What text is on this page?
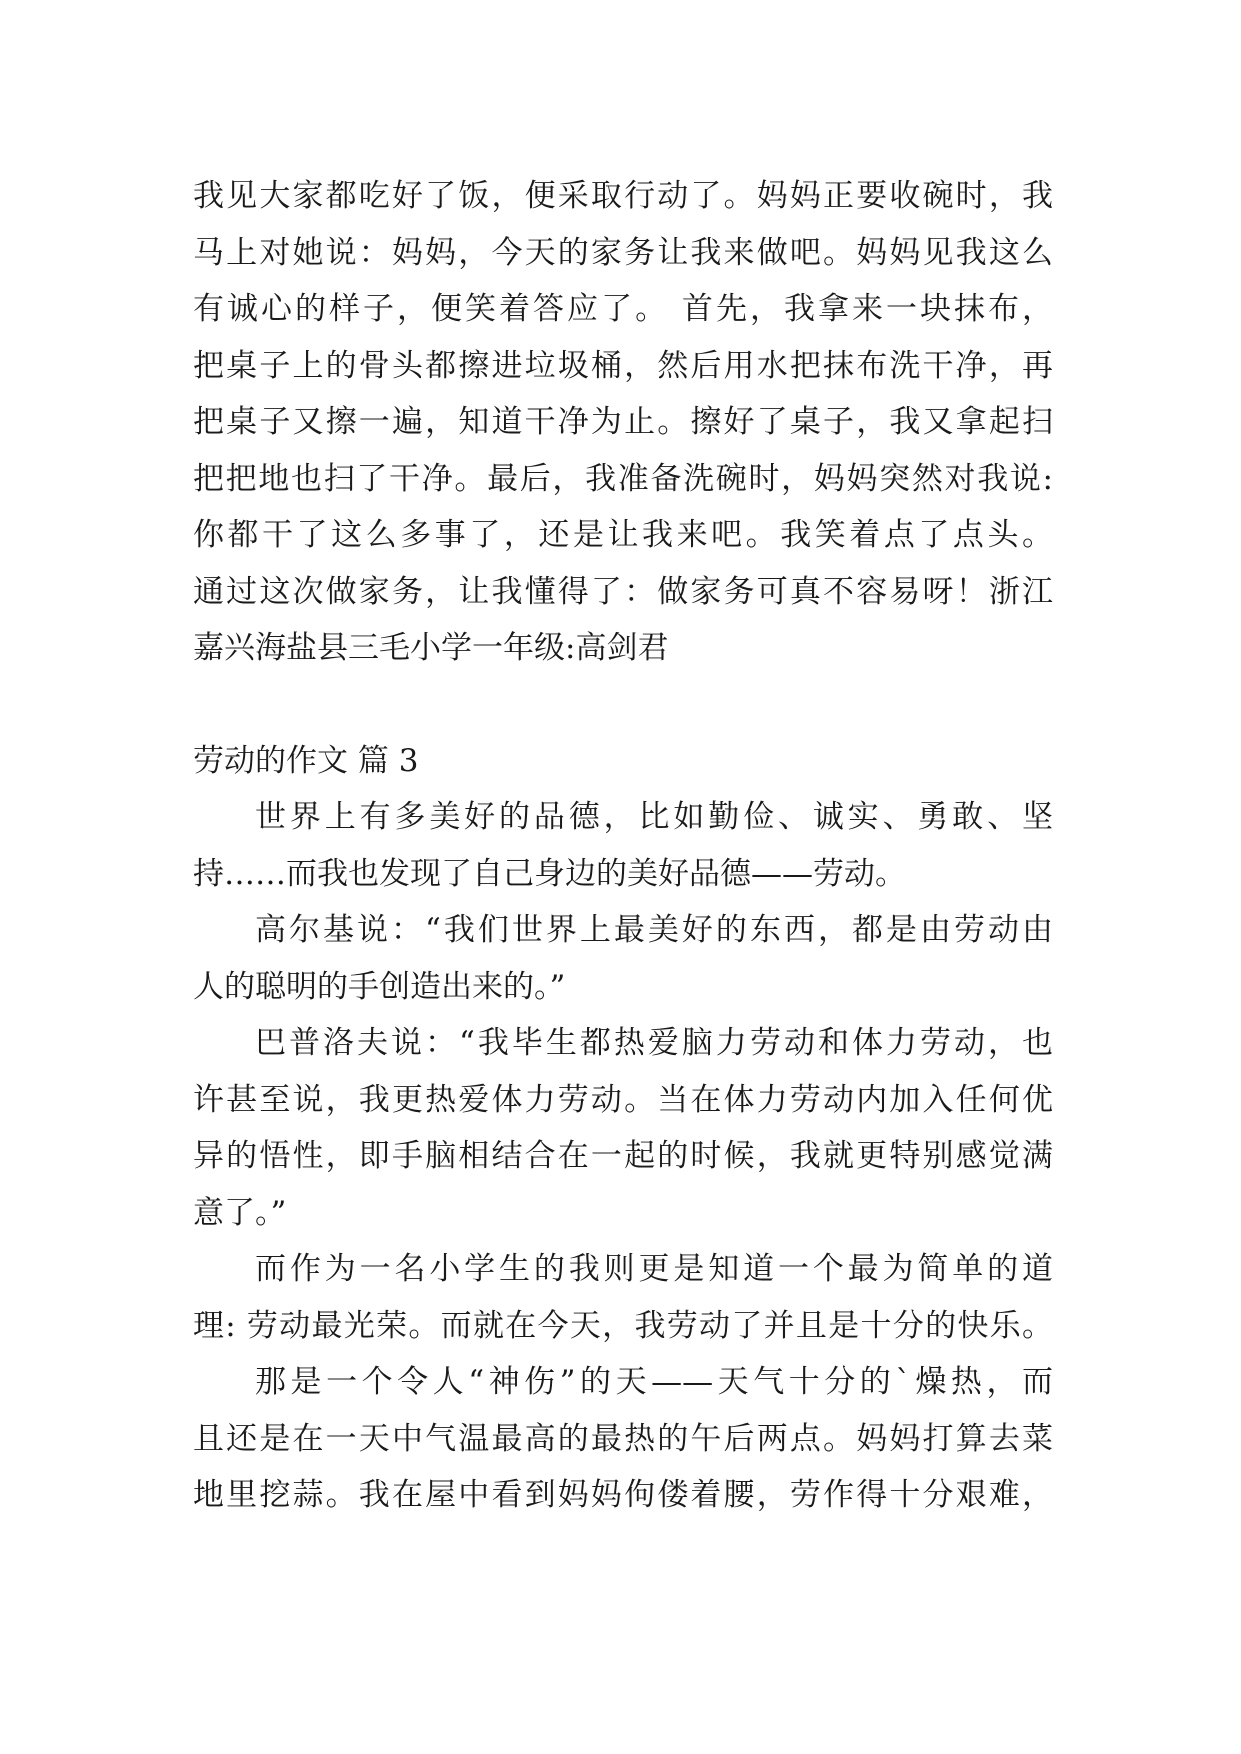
我见大家都吃好了饭，便采取行动了。妈妈正要收碗时，我
马上对她说：妈妈，今天的家务让我来做吧。妈妈见我这么
有诚心的样子，便笑着答应了。 首先，我拿来一块抹布，
把桌子上的骨头都擦进垃圾桶，然后用水把抹布洗干净，再
把桌子又擦一遍，知道干净为止。擦好了桌子，我又拿起扫
把把地也扫了干净。最后，我准备洗碗时，妈妈突然对我说:
你都干了这么多事了，还是让我来吧。我笑着点了点头。
通过这次做家务，让我懂得了：做家务可真不容易呀！浙江
嘉兴海盐县三毛小学一年级:高剑君
劳动的作文 篇 3
世界上有多美好的品德，比如勤俭、诚实、勇敢、坚
持……而我也发现了自己身边的美好品德——劳动。
高尔基说：“我们世界上最美好的东西，都是由劳动由
人的聪明的手创造出来的。”
巴普洛夫说：“我毕生都热爱脑力劳动和体力劳动，也
许甚至说，我更热爱体力劳动。当在体力劳动内加入任何优
异的悟性，即手脑相结合在一起的时候，我就更特别感觉满
意了。”
而作为一名小学生的我则更是知道一个最为简单的道
理: 劳动最光荣。而就在今天，我劳动了并且是十分的快乐。
那是一个令人“神伤”的天——天气十分的`燥热，而
且还是在一天中气温最高的最热的午后两点。妈妈打算去菜
地里挖蒜。我在屋中看到妈妈佝偻着腰，劳作得十分艰难，
